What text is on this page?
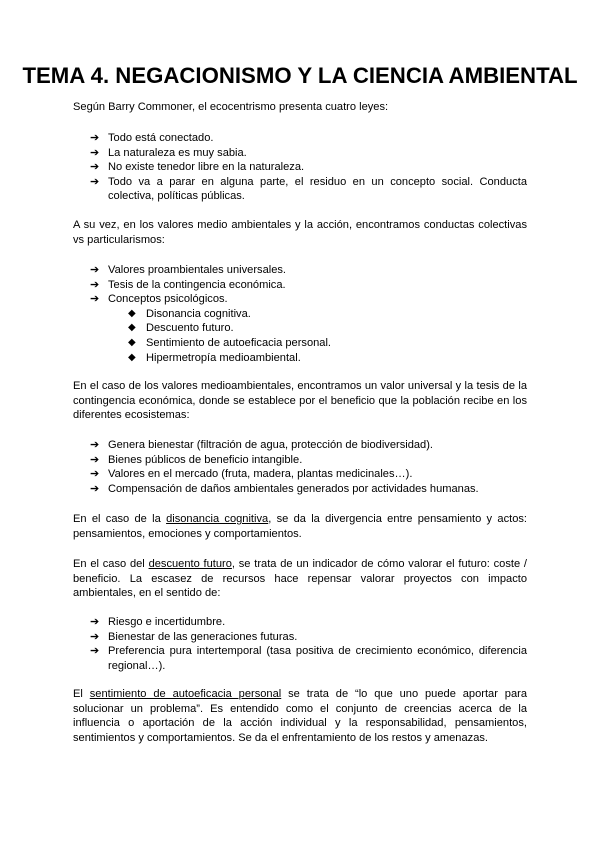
TEMA 4. NEGACIONISMO Y LA CIENCIA AMBIENTAL

Según Barry Commoner, el ecocentrismo presenta cuatro leyes:

➔ Todo está conectado.
➔ La naturaleza es muy sabia.
➔ No existe tenedor libre en la naturaleza.
➔ Todo va a parar en alguna parte, el residuo en un concepto social. Conducta colectiva, políticas públicas.

A su vez, en los valores medio ambientales y la acción, encontramos conductas colectivas vs particularismos:

➔ Valores proambientales universales.
➔ Tesis de la contingencia económica.
➔ Conceptos psicológicos.
◆ Disonancia cognitiva.
◆ Descuento futuro.
◆ Sentimiento de autoeficacia personal.
◆ Hipermetropía medioambiental.

En el caso de los valores medioambientales, encontramos un valor universal y la tesis de la contingencia económica, donde se establece por el beneficio que la población recibe en los diferentes ecosistemas:

➔ Genera bienestar (filtración de agua, protección de biodiversidad).
➔ Bienes públicos de beneficio intangible.
➔ Valores en el mercado (fruta, madera, plantas medicinales…).
➔ Compensación de daños ambientales generados por actividades humanas.

En el caso de la disonancia cognitiva, se da la divergencia entre pensamiento y actos: pensamientos, emociones y comportamientos.

En el caso del descuento futuro, se trata de un indicador de cómo valorar el futuro: coste / beneficio. La escasez de recursos hace repensar valorar proyectos con impacto ambientales, en el sentido de:

➔ Riesgo e incertidumbre.
➔ Bienestar de las generaciones futuras.
➔ Preferencia pura intertemporal (tasa positiva de crecimiento económico, diferencia regional…).

El sentimiento de autoeficacia personal se trata de “lo que uno puede aportar para solucionar un problema”. Es entendido como el conjunto de creencias acerca de la influencia o aportación de la acción individual y la responsabilidad, pensamientos, sentimientos y comportamientos. Se da el enfrentamiento de los restos y amenazas.
